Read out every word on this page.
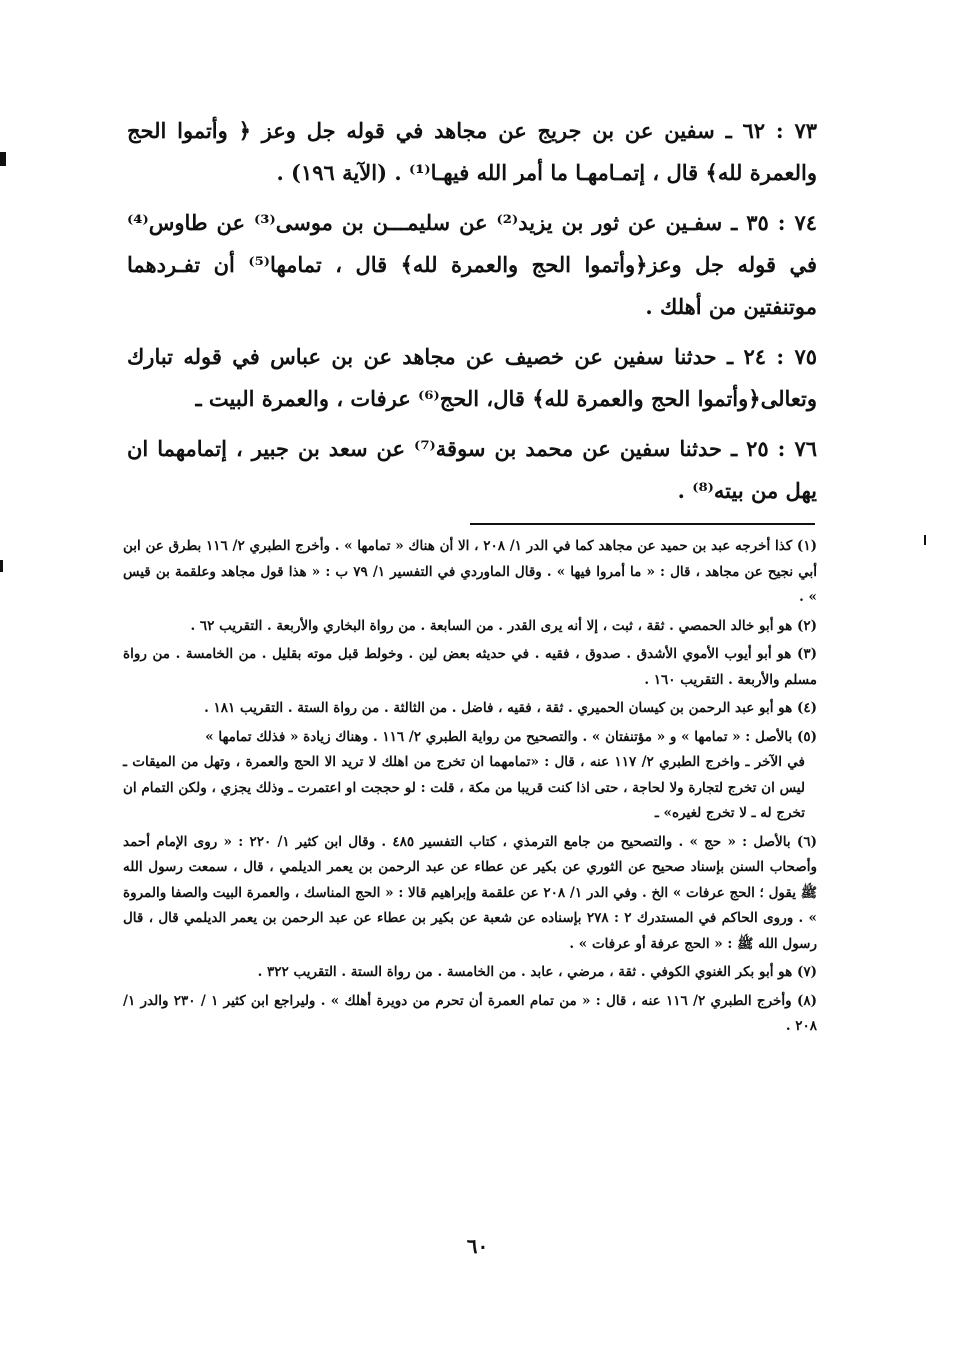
٧٣ : ٦٢ ـ سفين عن بن جريج عن مجاهد في قوله جل وعز ﴿ وأتموا الحج والعمرة لله﴾ قال ، إتمـامهـا ما أمر الله فيهـا⁽¹⁾ . (الآية ١٩٦) .

٧٤ : ٣٥ ـ سفـين عن ثور بن يزيد⁽²⁾ عن سليمـــن بن موسى⁽³⁾ عن طاوس⁽⁴⁾ في قوله جل وعز﴿وأتموا الحج والعمرة لله﴾ قال ، تمامها⁽⁵⁾ أن تفـردهما موتنفتين من أهلك .

٧٥ : ٢٤ ـ حدثنا سفين عن خصيف عن مجاهد عن بن عباس في قوله تبارك وتعالى﴿وأتموا الحج والعمرة لله﴾ قال، الحج⁽⁶⁾ عرفات ، والعمرة البيت ـ

٧٦ : ٢٥ ـ حدثنا سفين عن محمد بن سوقة⁽⁷⁾ عن سعد بن جبير ، إتمامهما ان يهل من بيته⁽⁸⁾ .

(١) كذا أخرجه عبد بن حميد عن مجاهد كما في الدر ١/ ٢٠٨ ، الا أن هناك « تمامها » . وأخرج الطبري ٢/ ١١٦ بطرق عن ابن أبي نجيح عن مجاهد ، قال : « ما أمروا فيها » . وقال الماوردي في التفسير ١/ ٧٩ ب : « هذا قول مجاهد وعلقمة بن قيس » .

(٢) هو أبو خالد الحمصي . ثقة ، ثبت ، إلا أنه يرى القدر . من السابعة . من رواة البخاري والأربعة . التقريب ٦٢ .

(٣) هو أبو أيوب الأموي الأشدق . صدوق ، فقيه . في حديثه بعض لين . وخولط قبل موته بقليل . من الخامسة . من رواة مسلم والأربعة . التقريب ١٦٠ .

(٤) هو أبو عبد الرحمن بن كيسان الحميري . ثقة ، فقيه ، فاضل . من الثالثة . من رواة الستة . التقريب ١٨١ .

(٥) بالأصل : « تمامها » و « مؤتنفتان » . والتصحيح من رواية الطبري ٢/ ١١٦ . وهناك زيادة « فذلك تمامها »
في الآخر ـ واخرج الطبري ٢/ ١١٧ عنه ، قال : «تمامهما ان تخرج من اهلك لا تريد الا الحج والعمرة ، وتهل من الميقات ـ ليس ان تخرج لتجارة ولا لحاجة ، حتى اذا كنت قريبا من مكة ، قلت : لو حججت او اعتمرت ـ وذلك يجزي ، ولكن التمام ان تخرج له ـ لا تخرج لغيره» ـ

(٦) بالأصل : « حج » . والتصحيح من جامع الترمذي ، كتاب التفسير ٤٨٥ . وقال ابن كثير ١/ ٢٢٠ : « روى الإمام أحمد وأصحاب السنن بإسناد صحيح عن الثوري عن بكير عن عطاء عن عبد الرحمن بن يعمر الديلمي ، قال ، سمعت رسول الله ﷺ يقول ؛ الحج عرفات » الخ . وفي الدر ١/ ٢٠٨ عن علقمة وإبراهيم قالا : « الحج المناسك ، والعمرة البيت والصفا والمروة » . وروى الحاكم في المستدرك ٢ : ٢٧٨ بإسناده عن شعبة عن بكير بن عطاء عن عبد الرحمن بن يعمر الديلمي قال ، قال رسول الله ﷺ : « الحج عرفة أو عرفات » .

(٧) هو أبو بكر الغنوي الكوفي . ثقة ، مرضي ، عابد . من الخامسة . من رواة الستة . التقريب ٣٢٢ .

(٨) وأخرج الطبري ٢/ ١١٦ عنه ، قال : « من تمام العمرة أن تحرم من دويرة أهلك » . وليراجع ابن كثير ١ / ٢٣٠ والدر ١/ ٢٠٨ .

٦٠
